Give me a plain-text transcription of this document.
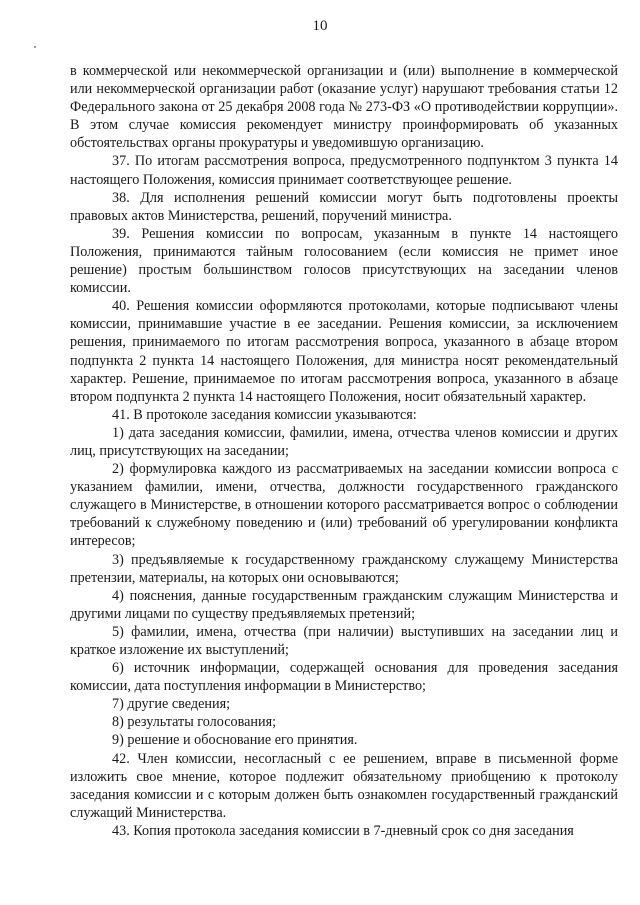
10

в коммерческой или некоммерческой организации и (или) выполнение в коммерческой или некоммерческой организации работ (оказание услуг) нарушают требования статьи 12 Федерального закона от 25 декабря 2008 года № 273-ФЗ «О противодействии коррупции». В этом случае комиссия рекомендует министру проинформировать об указанных обстоятельствах органы прокуратуры и уведомившую организацию.

37. По итогам рассмотрения вопроса, предусмотренного подпунктом 3 пункта 14 настоящего Положения, комиссия принимает соответствующее решение.

38. Для исполнения решений комиссии могут быть подготовлены проекты правовых актов Министерства, решений, поручений министра.

39. Решения комиссии по вопросам, указанным в пункте 14 настоящего Положения, принимаются тайным голосованием (если комиссия не примет иное решение) простым большинством голосов присутствующих на заседании членов комиссии.

40. Решения комиссии оформляются протоколами, которые подписывают члены комиссии, принимавшие участие в ее заседании. Решения комиссии, за исключением решения, принимаемого по итогам рассмотрения вопроса, указанного в абзаце втором подпункта 2 пункта 14 настоящего Положения, для министра носят рекомендательный характер. Решение, принимаемое по итогам рассмотрения вопроса, указанного в абзаце втором подпункта 2 пункта 14 настоящего Положения, носит обязательный характер.

41. В протоколе заседания комиссии указываются:

1) дата заседания комиссии, фамилии, имена, отчества членов комиссии и других лиц, присутствующих на заседании;

2) формулировка каждого из рассматриваемых на заседании комиссии вопроса с указанием фамилии, имени, отчества, должности государственного гражданского служащего в Министерстве, в отношении которого рассматривается вопрос о соблюдении требований к служебному поведению и (или) требований об урегулировании конфликта интересов;

3) предъявляемые к государственному гражданскому служащему Министерства претензии, материалы, на которых они основываются;

4) пояснения, данные государственным гражданским служащим Министерства и другими лицами по существу предъявляемых претензий;

5) фамилии, имена, отчества (при наличии) выступивших на заседании лиц и краткое изложение их выступлений;

6) источник информации, содержащей основания для проведения заседания комиссии, дата поступления информации в Министерство;

7) другие сведения;

8) результаты голосования;

9) решение и обоснование его принятия.

42. Член комиссии, несогласный с ее решением, вправе в письменной форме изложить свое мнение, которое подлежит обязательному приобщению к протоколу заседания комиссии и с которым должен быть ознакомлен государственный гражданский служащий Министерства.

43. Копия протокола заседания комиссии в 7-дневный срок со дня заседания
